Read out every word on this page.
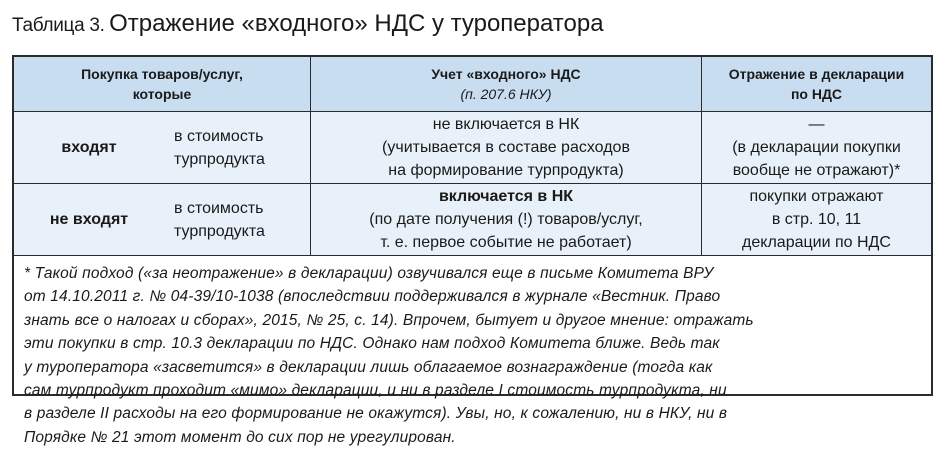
Таблица 3. Отражение «входного» НДС у туроператора
Покупка товаров/услуг,
которые
Учет «входного» НДС
(п. 207.6 НКУ)
Отражение в декларации
по НДС
входят
в стоимость
турпродукта
не включается в НК
(учитывается в составе расходов
на формирование турпродукта)
—
(в декларации покупки
вообще не отражают)*
не входят
в стоимость
турпродукта
включается в НК
(по дате получения (!) товаров/услуг,
т. е. первое событие не работает)
покупки отражают
в стр. 10, 11
декларации по НДС
* Такой подход («за неотражение» в декларации) озвучивался еще в письме Комитета ВРУ
от 14.10.2011 г. № 04-39/10-1038 (впоследствии поддерживался в журнале «Вестник. Право
знать все о налогах и сборах», 2015, № 25, с. 14). Впрочем, бытует и другое мнение: отражать
эти покупки в стр. 10.3 декларации по НДС. Однако нам подход Комитета ближе. Ведь так
у туроператора «засветится» в декларации лишь облагаемое вознаграждение (тогда как
сам турпродукт проходит «мимо» декларации, и ни в разделе I стоимость турпродукта, ни
в разделе II расходы на его формирование не окажутся). Увы, но, к сожалению, ни в НКУ, ни в
Порядке № 21 этот момент до сих пор не урегулирован.
